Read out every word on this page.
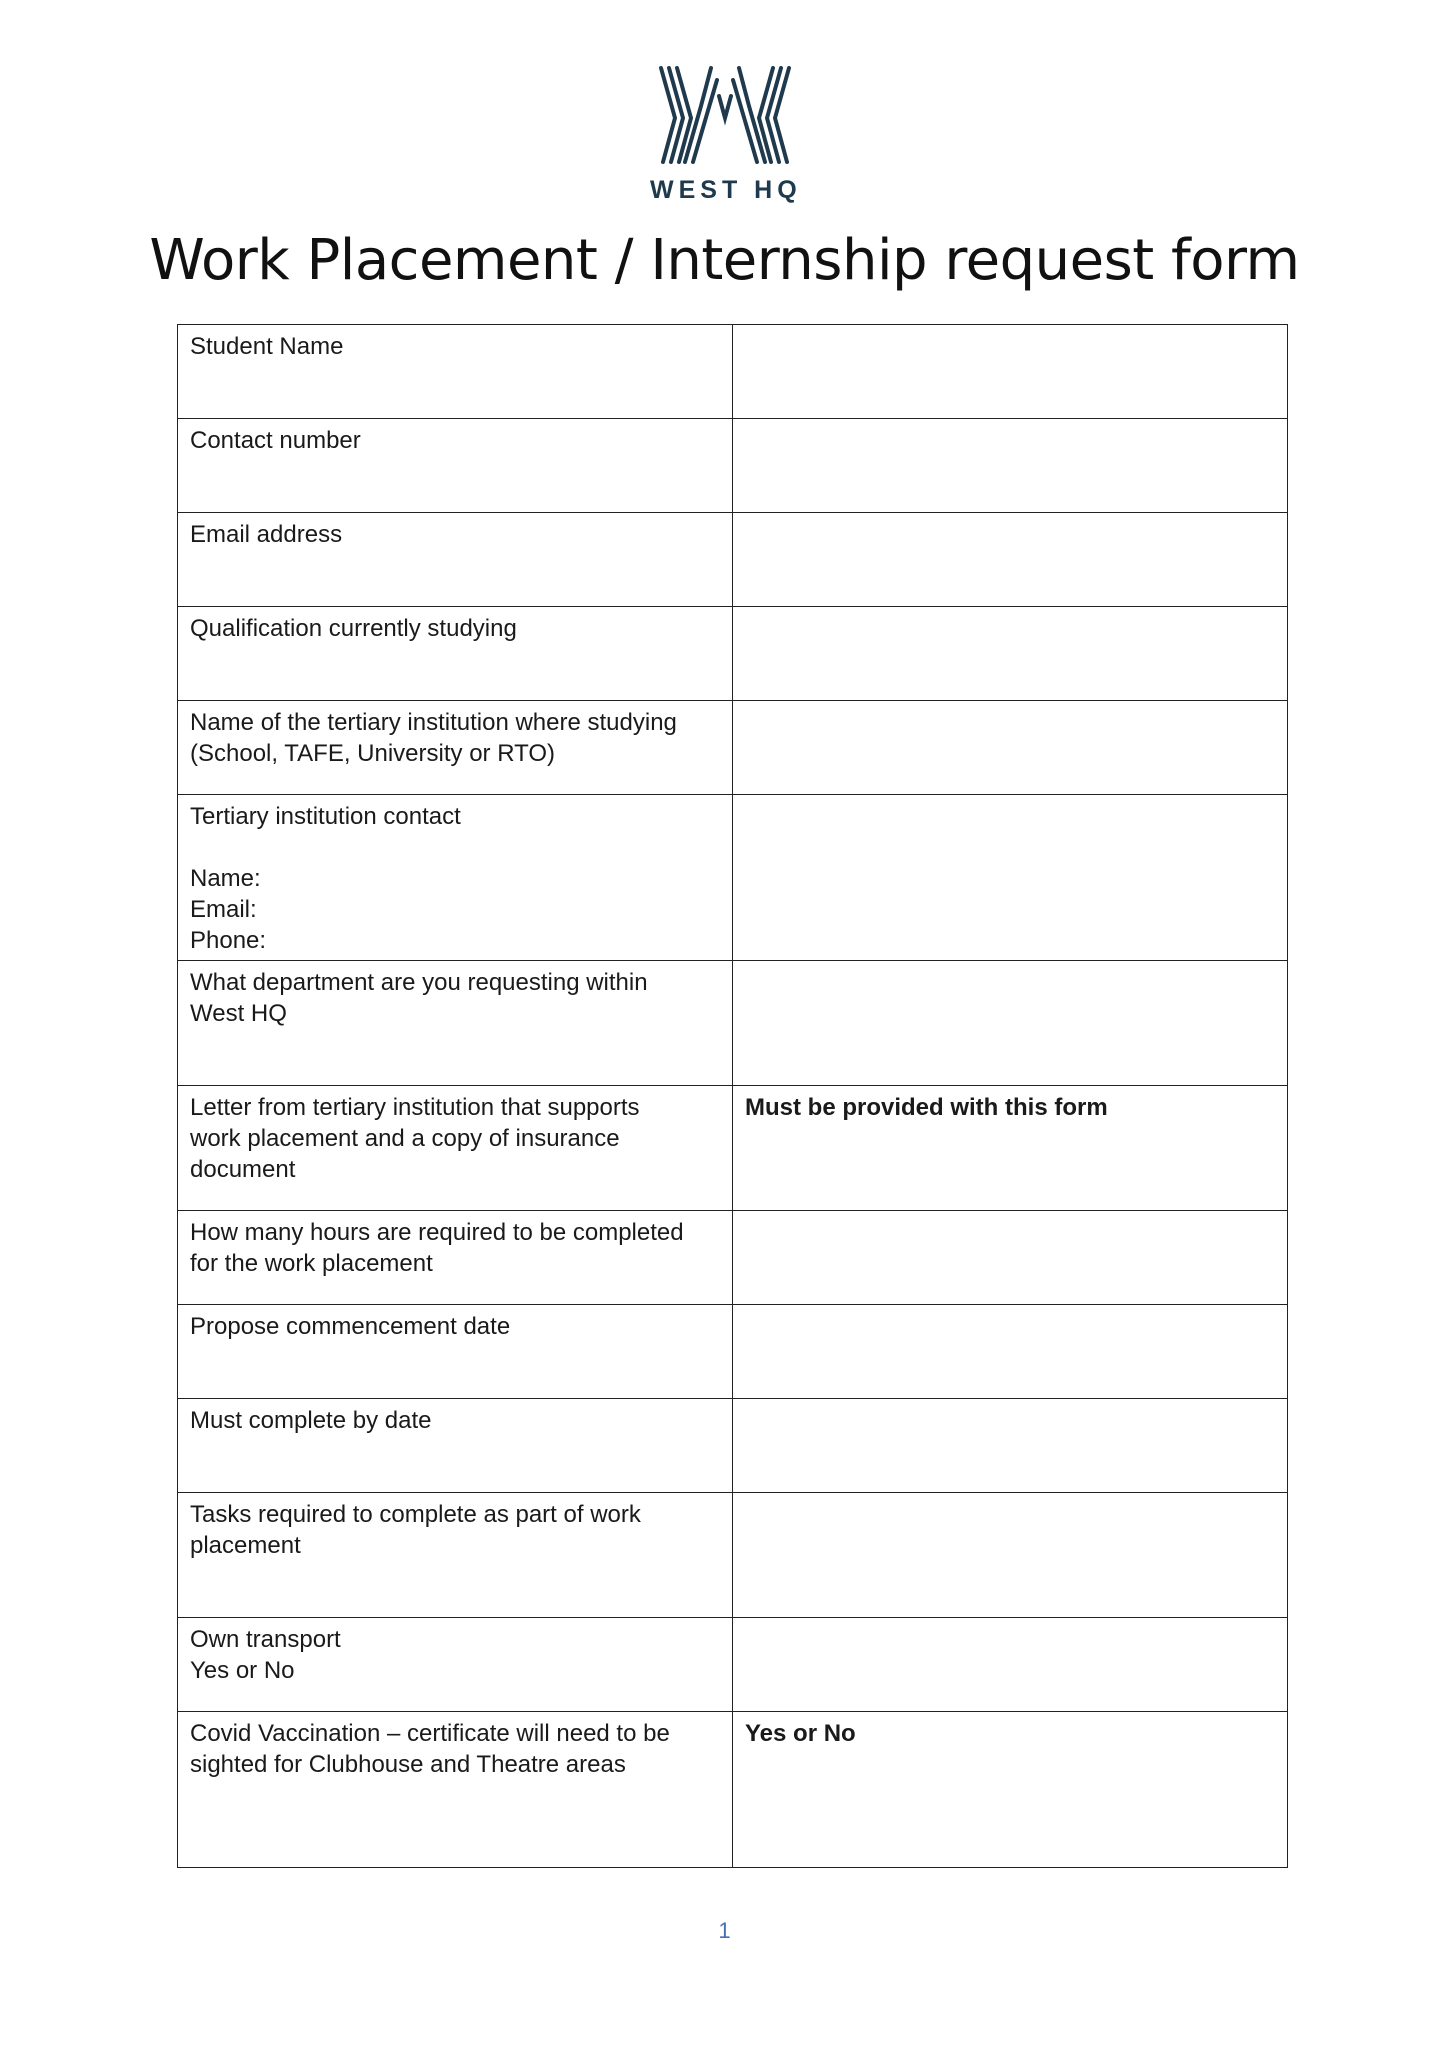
WEST HQ
Work Placement / Internship request form
Student Name	
Contact number	
Email address	
Qualification currently studying	
Name of the tertiary institution where studying
(School, TAFE, University or RTO)	
Tertiary institution contact

Name:
Email:
Phone:	
What department are you requesting within
West HQ	
Letter from tertiary institution that supports
work placement and a copy of insurance
document	Must be provided with this form
How many hours are required to be completed
for the work placement	
Propose commencement date	
Must complete by date	
Tasks required to complete as part of work
placement	
Own transport
Yes or No	
Covid Vaccination – certificate will need to be
sighted for Clubhouse and Theatre areas	Yes or No
1
